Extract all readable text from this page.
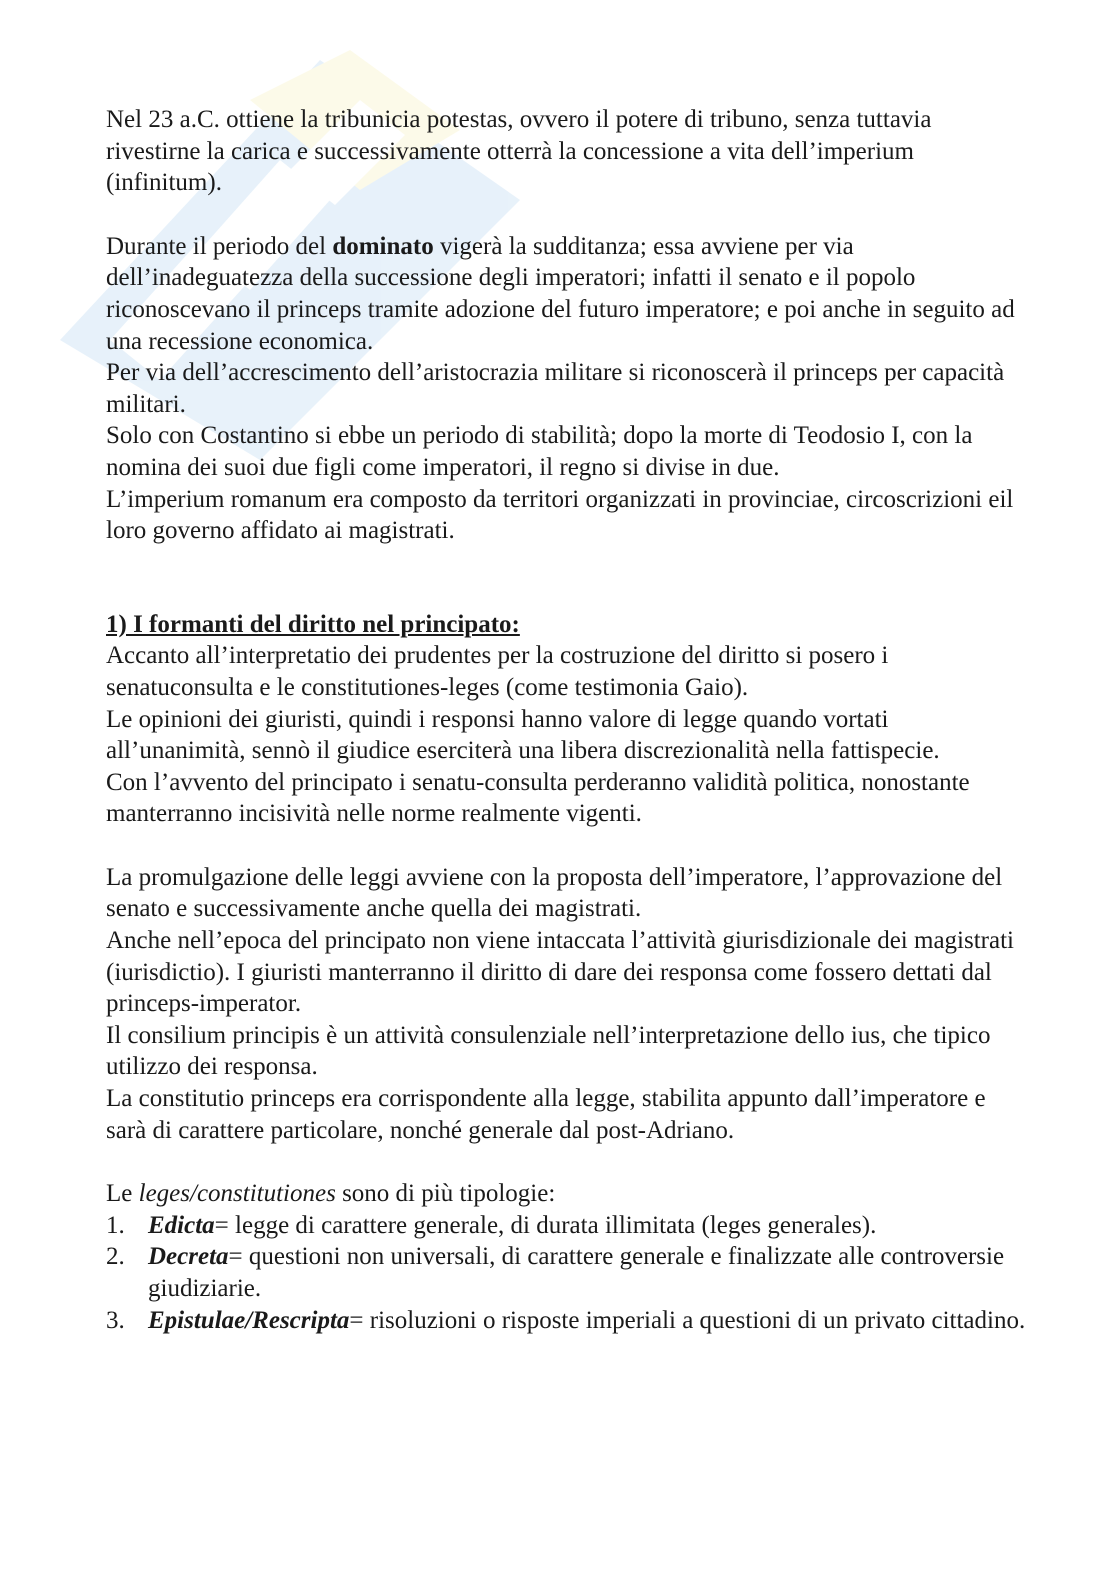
Nel 23 a.C. ottiene la tribunicia potestas, ovvero il potere di tribuno, senza tuttavia rivestirne la carica e successivamente otterrà la concessione a vita dell’imperium (infinitum).

Durante il periodo del dominato vigerà la sudditanza; essa avviene per via dell’inadeguatezza della successione degli imperatori; infatti il senato e il popolo riconoscevano il princeps tramite adozione del futuro imperatore; e poi anche in seguito ad una recessione economica.

Per via dell’accrescimento dell’aristocrazia militare si riconoscerà il princeps per capacità militari.

Solo con Costantino si ebbe un periodo di stabilità; dopo la morte di Teodosio I, con la nomina dei suoi due figli come imperatori, il regno si divise in due.

L’imperium romanum era composto da territori organizzati in provinciae, circoscrizioni eil loro governo affidato ai magistrati.

1) I formanti del diritto nel principato:

Accanto all’interpretatio dei prudentes per la costruzione del diritto si posero i senatuconsulta e le constitutiones-leges (come testimonia Gaio).

Le opinioni dei giuristi, quindi i responsi hanno valore di legge quando vortati all’unanimità, sennò il giudice eserciterà una libera discrezionalità nella fattispecie.

Con l’avvento del principato i senatu-consulta perderanno validità politica, nonostante manterranno incisività nelle norme realmente vigenti.

La promulgazione delle leggi avviene con la proposta dell’imperatore, l’approvazione del senato e successivamente anche quella dei magistrati.

Anche nell’epoca del principato non viene intaccata l’attività giurisdizionale dei magistrati (iurisdictio). I giuristi manterranno il diritto di dare dei responsa come fossero dettati dal princeps-imperator.

Il consilium principis è un attività consulenziale nell’interpretazione dello ius, che tipico utilizzo dei responsa.

La constitutio princeps era corrispondente alla legge, stabilita appunto dall’imperatore e sarà di carattere particolare, nonché generale dal post-Adriano.

Le leges/constitutiones sono di più tipologie:

1. Edicta= legge di carattere generale, di durata illimitata (leges generales).
2. Decreta= questioni non universali, di carattere generale e finalizzate alle controversie giudiziarie.
3. Epistulae/Rescripta= risoluzioni o risposte imperiali a questioni di un privato cittadino.
